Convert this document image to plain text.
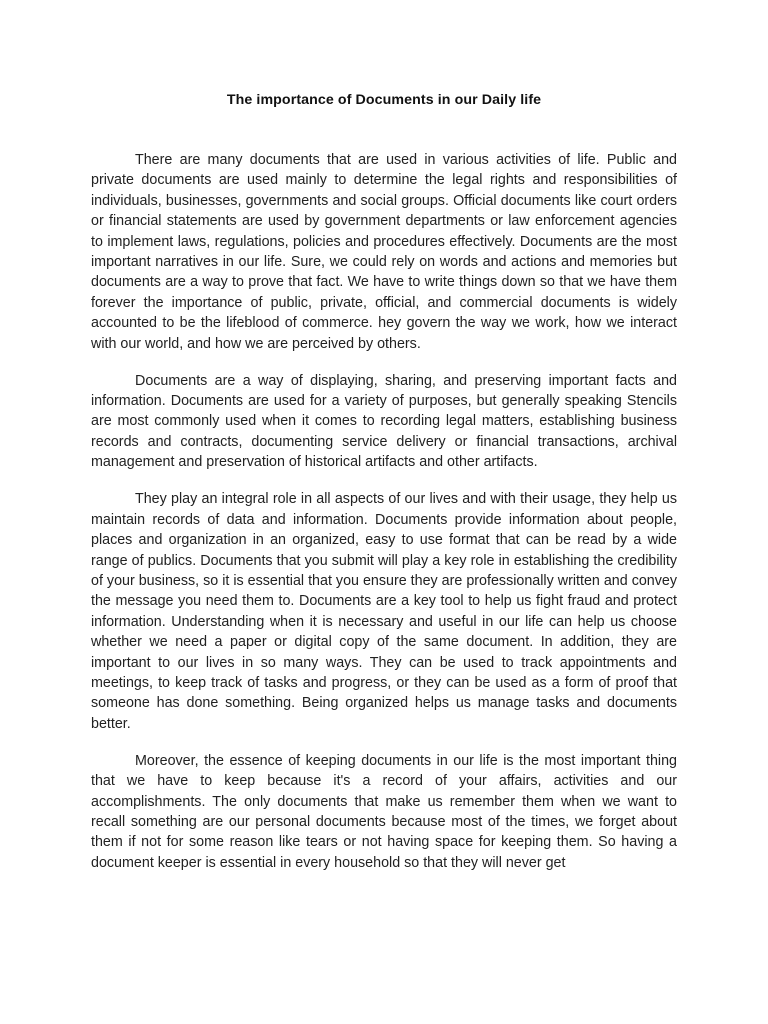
The importance of Documents in our Daily life

There are many documents that are used in various activities of life. Public and private documents are used mainly to determine the legal rights and responsibilities of individuals, businesses, governments and social groups. Official documents like court orders or financial statements are used by government departments or law enforcement agencies to implement laws, regulations, policies and procedures effectively. Documents are the most important narratives in our life. Sure, we could rely on words and actions and memories but documents are a way to prove that fact. We have to write things down so that we have them forever the importance of public, private, official, and commercial documents is widely accounted to be the lifeblood of commerce. hey govern the way we work, how we interact with our world, and how we are perceived by others.

Documents are a way of displaying, sharing, and preserving important facts and information. Documents are used for a variety of purposes, but generally speaking Stencils are most commonly used when it comes to recording legal matters, establishing business records and contracts, documenting service delivery or financial transactions, archival management and preservation of historical artifacts and other artifacts.

They play an integral role in all aspects of our lives and with their usage, they help us maintain records of data and information. Documents provide information about people, places and organization in an organized, easy to use format that can be read by a wide range of publics. Documents that you submit will play a key role in establishing the credibility of your business, so it is essential that you ensure they are professionally written and convey the message you need them to. Documents are a key tool to help us fight fraud and protect information. Understanding when it is necessary and useful in our life can help us choose whether we need a paper or digital copy of the same document. In addition, they are important to our lives in so many ways. They can be used to track appointments and meetings, to keep track of tasks and progress, or they can be used as a form of proof that someone has done something. Being organized helps us manage tasks and documents better.

Moreover, the essence of keeping documents in our life is the most important thing that we have to keep because it's a record of your affairs, activities and our accomplishments. The only documents that make us remember them when we want to recall something are our personal documents because most of the times, we forget about them if not for some reason like tears or not having space for keeping them. So having a document keeper is essential in every household so that they will never get
